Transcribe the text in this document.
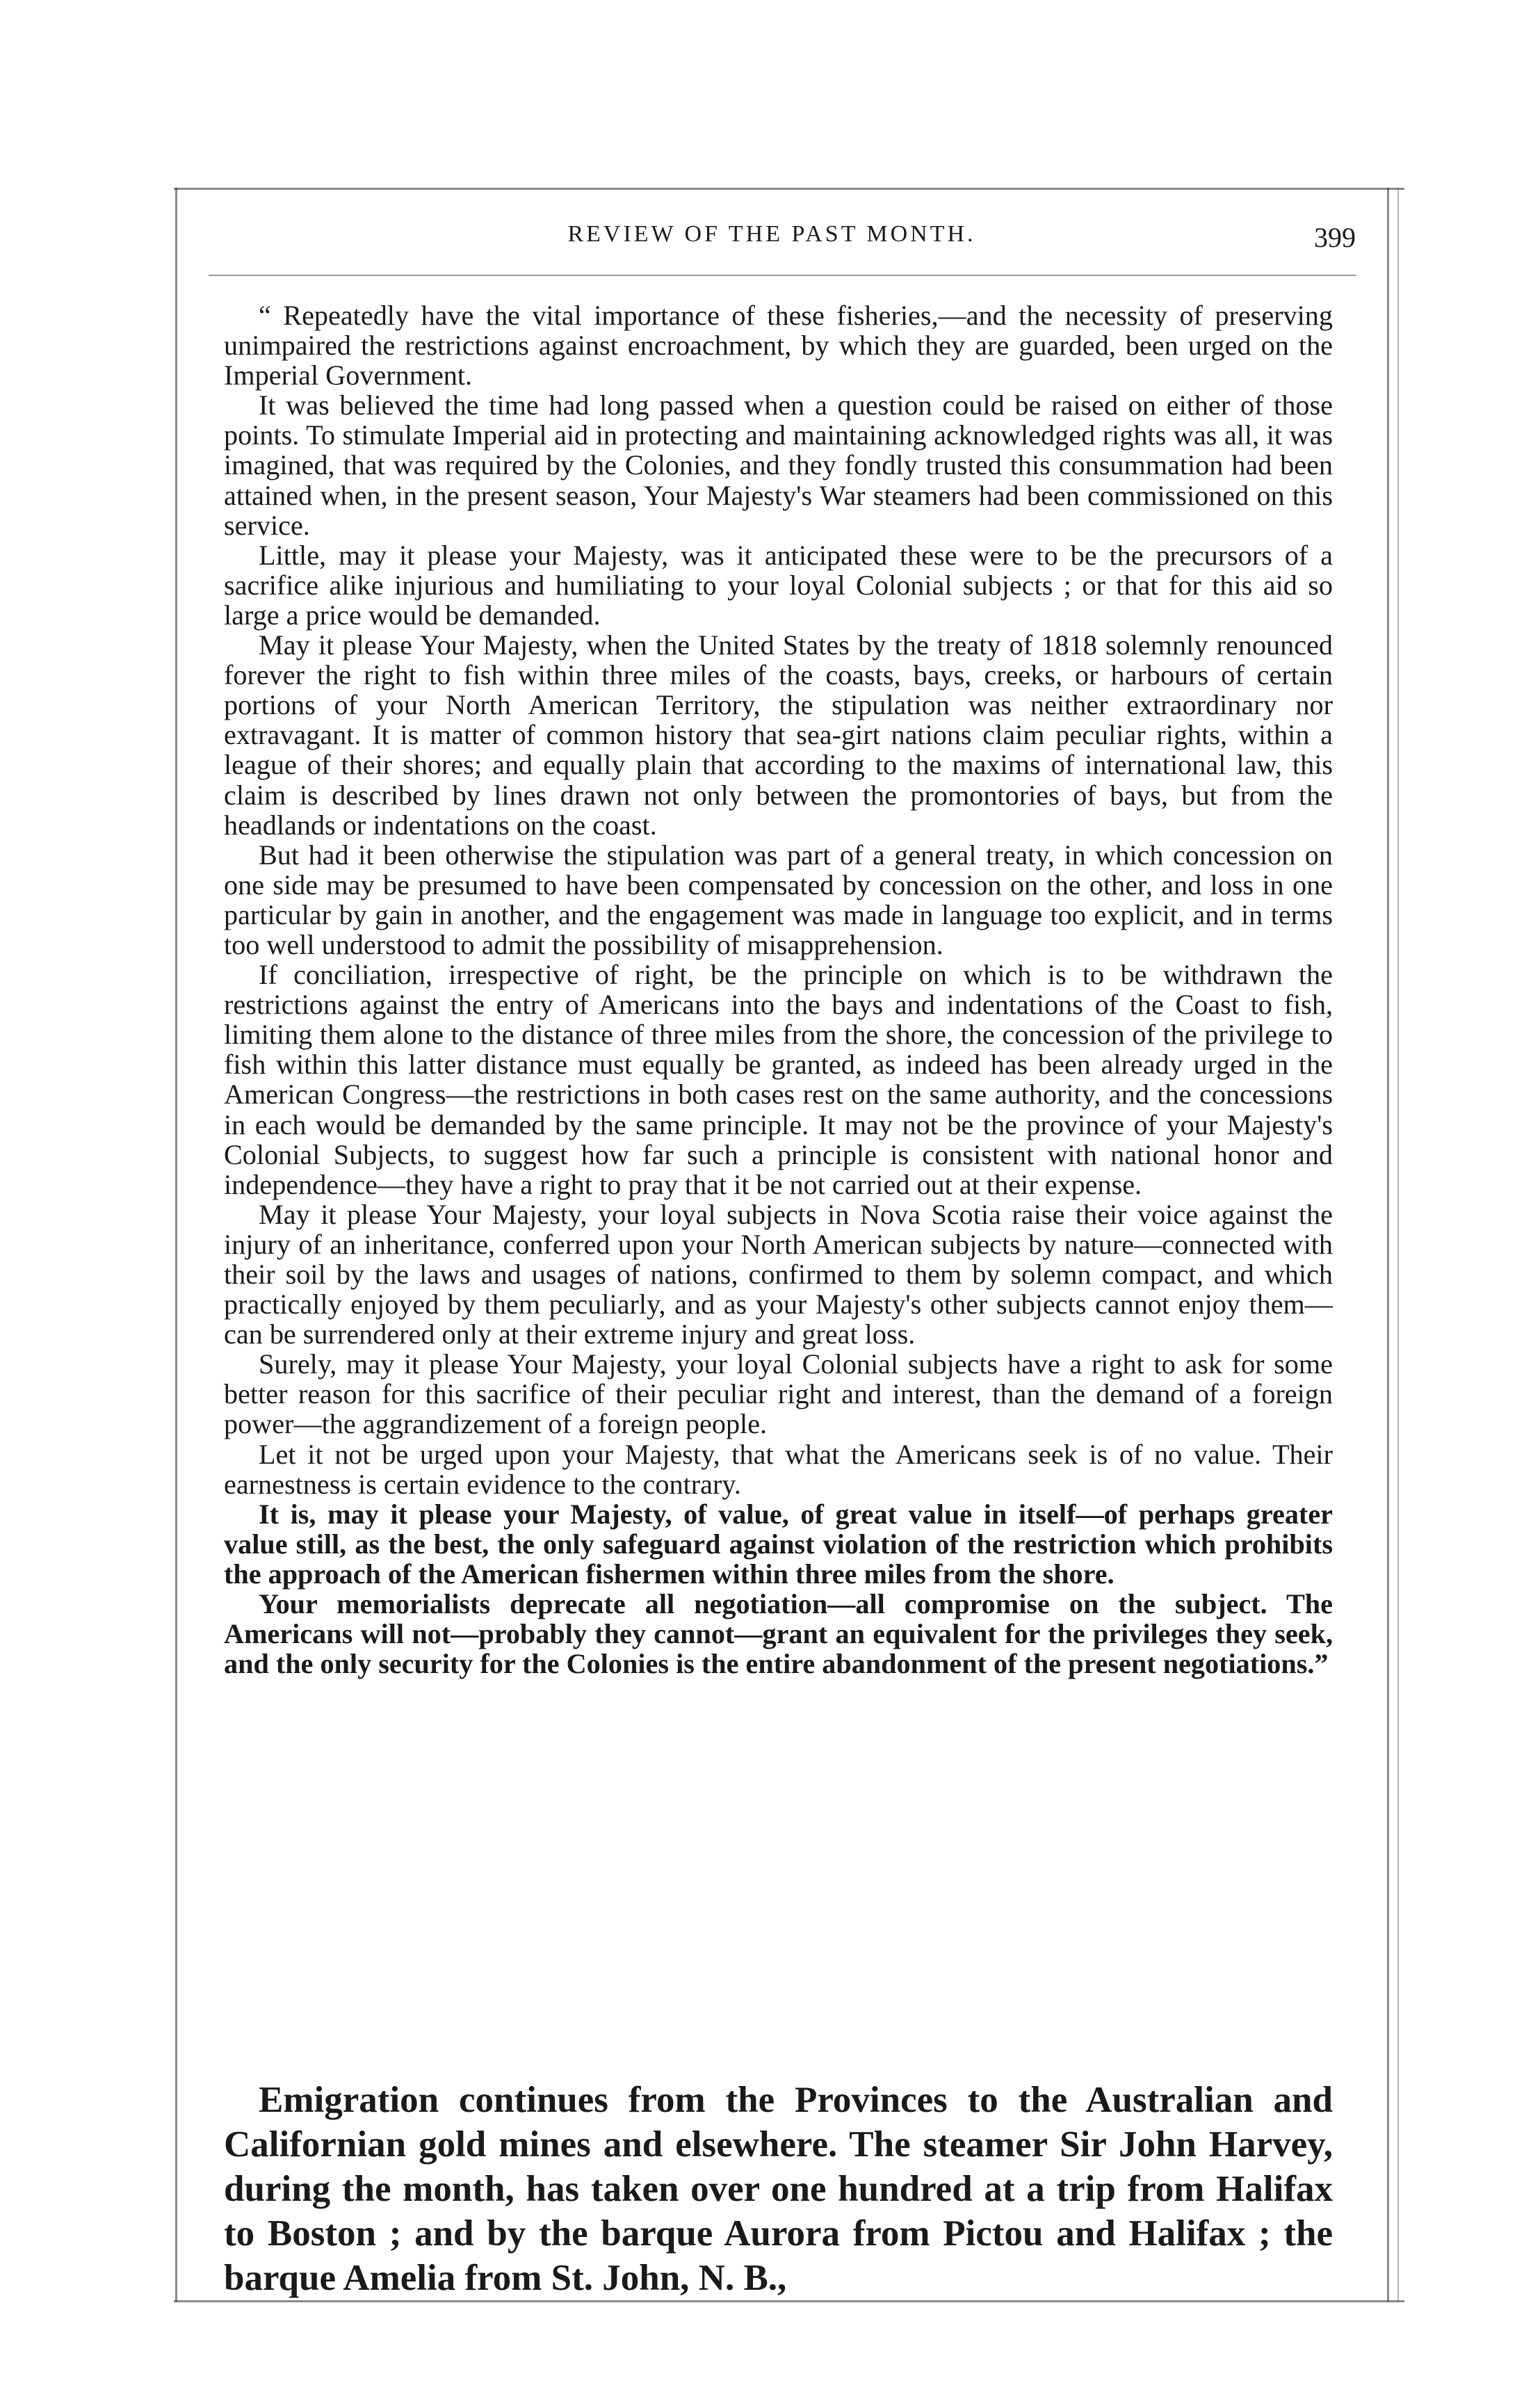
REVIEW OF THE PAST MONTH.	399

“ Repeatedly have the vital importance of these fisheries,—and the necessity of preserving unimpaired the restrictions against encroachment, by which they are guarded, been urged on the Imperial Government.

It was believed the time had long passed when a question could be raised on either of those points. To stimulate Imperial aid in protecting and maintaining acknowledged rights was all, it was imagined, that was required by the Colonies, and they fondly trusted this consummation had been attained when, in the present season, Your Majesty's War steamers had been commissioned on this service.

Little, may it please your Majesty, was it anticipated these were to be the precursors of a sacrifice alike injurious and humiliating to your loyal Colonial subjects ; or that for this aid so large a price would be demanded.

May it please Your Majesty, when the United States by the treaty of 1818 solemnly renounced forever the right to fish within three miles of the coasts, bays, creeks, or harbours of certain portions of your North American Territory, the stipulation was neither extraordinary nor extravagant. It is matter of common history that sea-girt nations claim peculiar rights, within a league of their shores; and equally plain that according to the maxims of international law, this claim is described by lines drawn not only between the promontories of bays, but from the headlands or indentations on the coast.

But had it been otherwise the stipulation was part of a general treaty, in which concession on one side may be presumed to have been compensated by concession on the other, and loss in one particular by gain in another, and the engagement was made in language too explicit, and in terms too well understood to admit the possibility of misapprehension.

If conciliation, irrespective of right, be the principle on which is to be withdrawn the restrictions against the entry of Americans into the bays and indentations of the Coast to fish, limiting them alone to the distance of three miles from the shore, the concession of the privilege to fish within this latter distance must equally be granted, as indeed has been already urged in the American Congress—the restrictions in both cases rest on the same authority, and the concessions in each would be demanded by the same principle. It may not be the province of your Majesty's Colonial Subjects, to suggest how far such a principle is consistent with national honor and independence—they have a right to pray that it be not carried out at their expense.

May it please Your Majesty, your loyal subjects in Nova Scotia raise their voice against the injury of an inheritance, conferred upon your North American subjects by nature—connected with their soil by the laws and usages of nations, confirmed to them by solemn compact, and which practically enjoyed by them peculiarly, and as your Majesty's other subjects cannot enjoy them—can be surrendered only at their extreme injury and great loss.

Surely, may it please Your Majesty, your loyal Colonial subjects have a right to ask for some better reason for this sacrifice of their peculiar right and interest, than the demand of a foreign power—the aggrandizement of a foreign people.

Let it not be urged upon your Majesty, that what the Americans seek is of no value. Their earnestness is certain evidence to the contrary.

It is, may it please your Majesty, of value, of great value in itself—of perhaps greater value still, as the best, the only safeguard against violation of the restriction which prohibits the approach of the American fishermen within three miles from the shore.

Your memorialists deprecate all negotiation—all compromise on the subject. The Americans will not—probably they cannot—grant an equivalent for the privileges they seek, and the only security for the Colonies is the entire abandonment of the present negotiations.”

Emigration continues from the Provinces to the Australian and Californian gold mines and elsewhere. The steamer Sir John Harvey, during the month, has taken over one hundred at a trip from Halifax to Boston ; and by the barque Aurora from Pictou and Halifax ; the barque Amelia from St. John, N. B.,
